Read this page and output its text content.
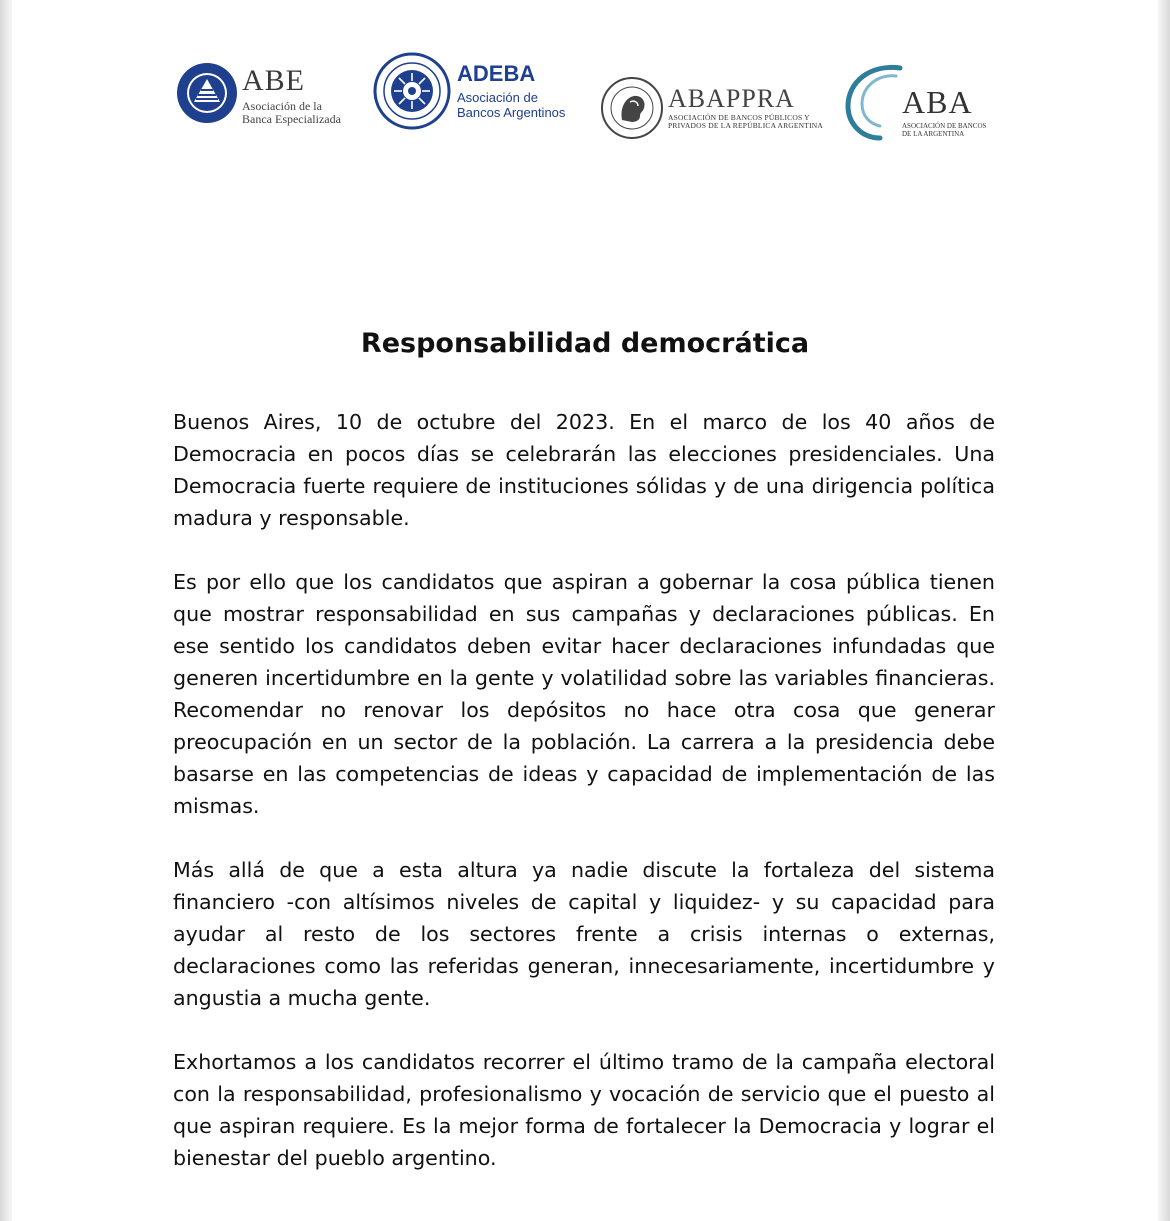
ABE
Asociación de la
Banca Especializada
ADEBA
Asociación de
Bancos Argentinos	ABAPPRA
ASOCIACIÓN DE BANCOS PÚBLICOS Y
PRIVADOS DE LA REPÚBLICA ARGENTINA
ABA
ASOCIACIÓN DE BANCOS
DE LA ARGENTINA
Responsabilidad democrática

Buenos Aires, 10 de octubre del 2023. En el marco de los 40 años de Democracia en pocos días se celebrarán las elecciones presidenciales. Una Democracia fuerte requiere de instituciones sólidas y de una dirigencia política madura y responsable.

Es por ello que los candidatos que aspiran a gobernar la cosa pública tienen que mostrar responsabilidad en sus campañas y declaraciones públicas. En ese sentido los candidatos deben evitar hacer declaraciones infundadas que generen incertidumbre en la gente y volatilidad sobre las variables financieras. Recomendar no renovar los depósitos no hace otra cosa que generar preocupación en un sector de la población. La carrera a la presidencia debe basarse en las competencias de ideas y capacidad de implementación de las mismas.

Más allá de que a esta altura ya nadie discute la fortaleza del sistema financiero -con altísimos niveles de capital y liquidez- y su capacidad para ayudar al resto de los sectores frente a crisis internas o externas, declaraciones como las referidas generan, innecesariamente, incertidumbre y angustia a mucha gente.

Exhortamos a los candidatos recorrer el último tramo de la campaña electoral con la responsabilidad, profesionalismo y vocación de servicio que el puesto al que aspiran requiere. Es la mejor forma de fortalecer la Democracia y lograr el bienestar del pueblo argentino.
